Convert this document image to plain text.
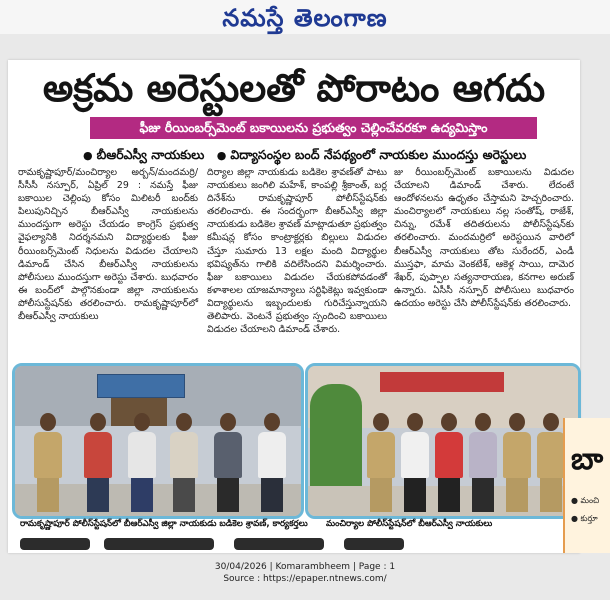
నమస్తే తెలంగాణ
అక్రమ అరెస్టులతో పోరాటం ఆగదు
ఫీజు రీయింబర్స్‌మెంట్ బకాయిలను ప్రభుత్వం చెల్లించేవరకూ ఉద్యమిస్తాం
● బీఆర్ఎస్వీ నాయకులు ● విద్యాసంస్థల బంద్ నేపథ్యంలో నాయకుల ముందస్తు అరెస్టులు

రామకృష్ణాపూర్/మంచిర్యాల అర్బన్/మందమర్రి/సీసీసీ నస్పూర్, ఏప్రిల్ 29 : నమస్తే ఫీజు బకాయిల చెల్లింపు కోసం మిలిటరీ బంద్‌కు పిలుపునిచ్చిన బీఆర్ఎస్వీ నాయకులను ముందస్తుగా అరెస్టు చేయడం కాంగ్రెస్ ప్రభుత్వ వైఫల్యానికి నిదర్శనమని విద్యార్థులకు ఫీజు రీయింబర్స్‌మెంట్ నిధులను విడుదల చేయాలని డిమాండ్ చేసిన బీఆర్ఎస్వీ నాయకులను పోలీసులు ముందస్తుగా అరెస్టు చేశారు. బుధవారం ఈ బంద్‌లో పాల్గొనకుండా జిల్లా నాయకులను పోలీసుస్టేషన్‌కు తరలించారు. రామకృష్ణాపూర్‌లో బీఆర్ఎస్వీ నాయకులు

దిర్యాల జిల్లా నాయకుడు బడికెల శ్రావణ్‌తో పాటు నాయకులు జంగిలి మహేశ్, కాంపల్లి శ్రీకాంత్, బర్ల దినేశ్‌ను రామకృష్ణాపూర్ పోలీస్‌స్టేషన్‌కు తరలించారు. ఈ సందర్భంగా బీఆర్ఎస్వీ జిల్లా నాయకుడు బడికెల శ్రావణ్ మాట్లాడుతూ ప్రభుత్వం కమీషన్ల కోసం కాంట్రాక్టర్లకు బిల్లులు విడుదల చేస్తూ సుమారు 13 లక్షల మంది విద్యార్థుల భవిష్యత్‌ను గాలికి వదిలేసిందని విమర్శించారు. ఫీజు బకాయిలు విడుదల చేయకపోవడంతో కళాశాలల యాజమాన్యాలు సర్టిఫికెట్లు ఇవ్వకుండా విద్యార్థులను ఇబ్బందులకు గురిచేస్తున్నాయని తెలిపారు. వెంటనే ప్రభుత్వం స్పందించి బకాయిలు విడుదల చేయాలని డిమాండ్ చేశారు.

జు రీయింబర్స్‌మెంట్ బకాయిలను విడుదల చేయాలని డిమాండ్ చేశారు. లేదంటే ఆందోళనలను ఉధృతం చేస్తామని హెచ్చరించారు. మంచిర్యాలలో నాయకులు నల్ల సంతోష్, రాజేశ్, చిన్ను, రమేశ్ తదితరులను పోలీస్‌స్టేషన్‌కు తరలించారు. మందమర్రిలో అరెస్టయిన వారిలో బీఆర్ఎస్వీ నాయకులు తోట సురేందర్, ఎండీ ముస్తఫా, మామ వెంకటేశ్, ఆకెళ్ల సాయి, దామెర శేఖర్, పుప్పాల సత్యనారాయణ, కనగాల అరుణ్ ఉన్నారు. ఏసీసీ నస్పూర్ పోలీసులు బుధవారం ఉదయం అరెస్టు చేసి పోలీస్‌స్టేషన్‌కు తరలించారు.

రామకృష్ణాపూర్ పోలీస్‌స్టేషన్‌లో బీఆర్ఎస్వీ జిల్లా నాయకుడు బడికెల శ్రావణ్, కార్యకర్తలు మంచిర్యాల పోలీస్‌స్టేషన్‌లో బీఆర్ఎస్వీ నాయకులు
బా
● మంచి
● కుర్తూ
30/04/2026 | Komarambheem | Page : 1
Source : https://epaper.ntnews.com/
